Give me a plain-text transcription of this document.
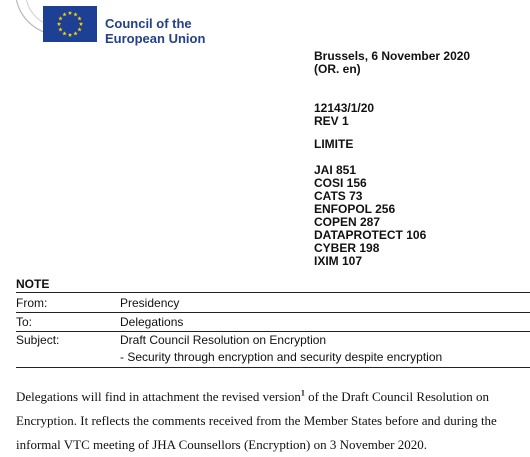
Council of the
European Union
Brussels, 6 November 2020
(OR. en)
12143/1/20
REV 1
LIMITE
JAI 851
COSI 156
CATS 73
ENFOPOL 256
COPEN 287
DATAPROTECT 106
CYBER 198
IXIM 107
NOTE
From:	Presidency
To:	Delegations
Subject:	Draft Council Resolution on Encryption
- Security through encryption and security despite encryption
Delegations will find in attachment the revised version$^1$ of the Draft Council Resolution on
Encryption. It reflects the comments received from the Member States before and during the
informal VTC meeting of JHA Counsellors (Encryption) on 3 November 2020.
